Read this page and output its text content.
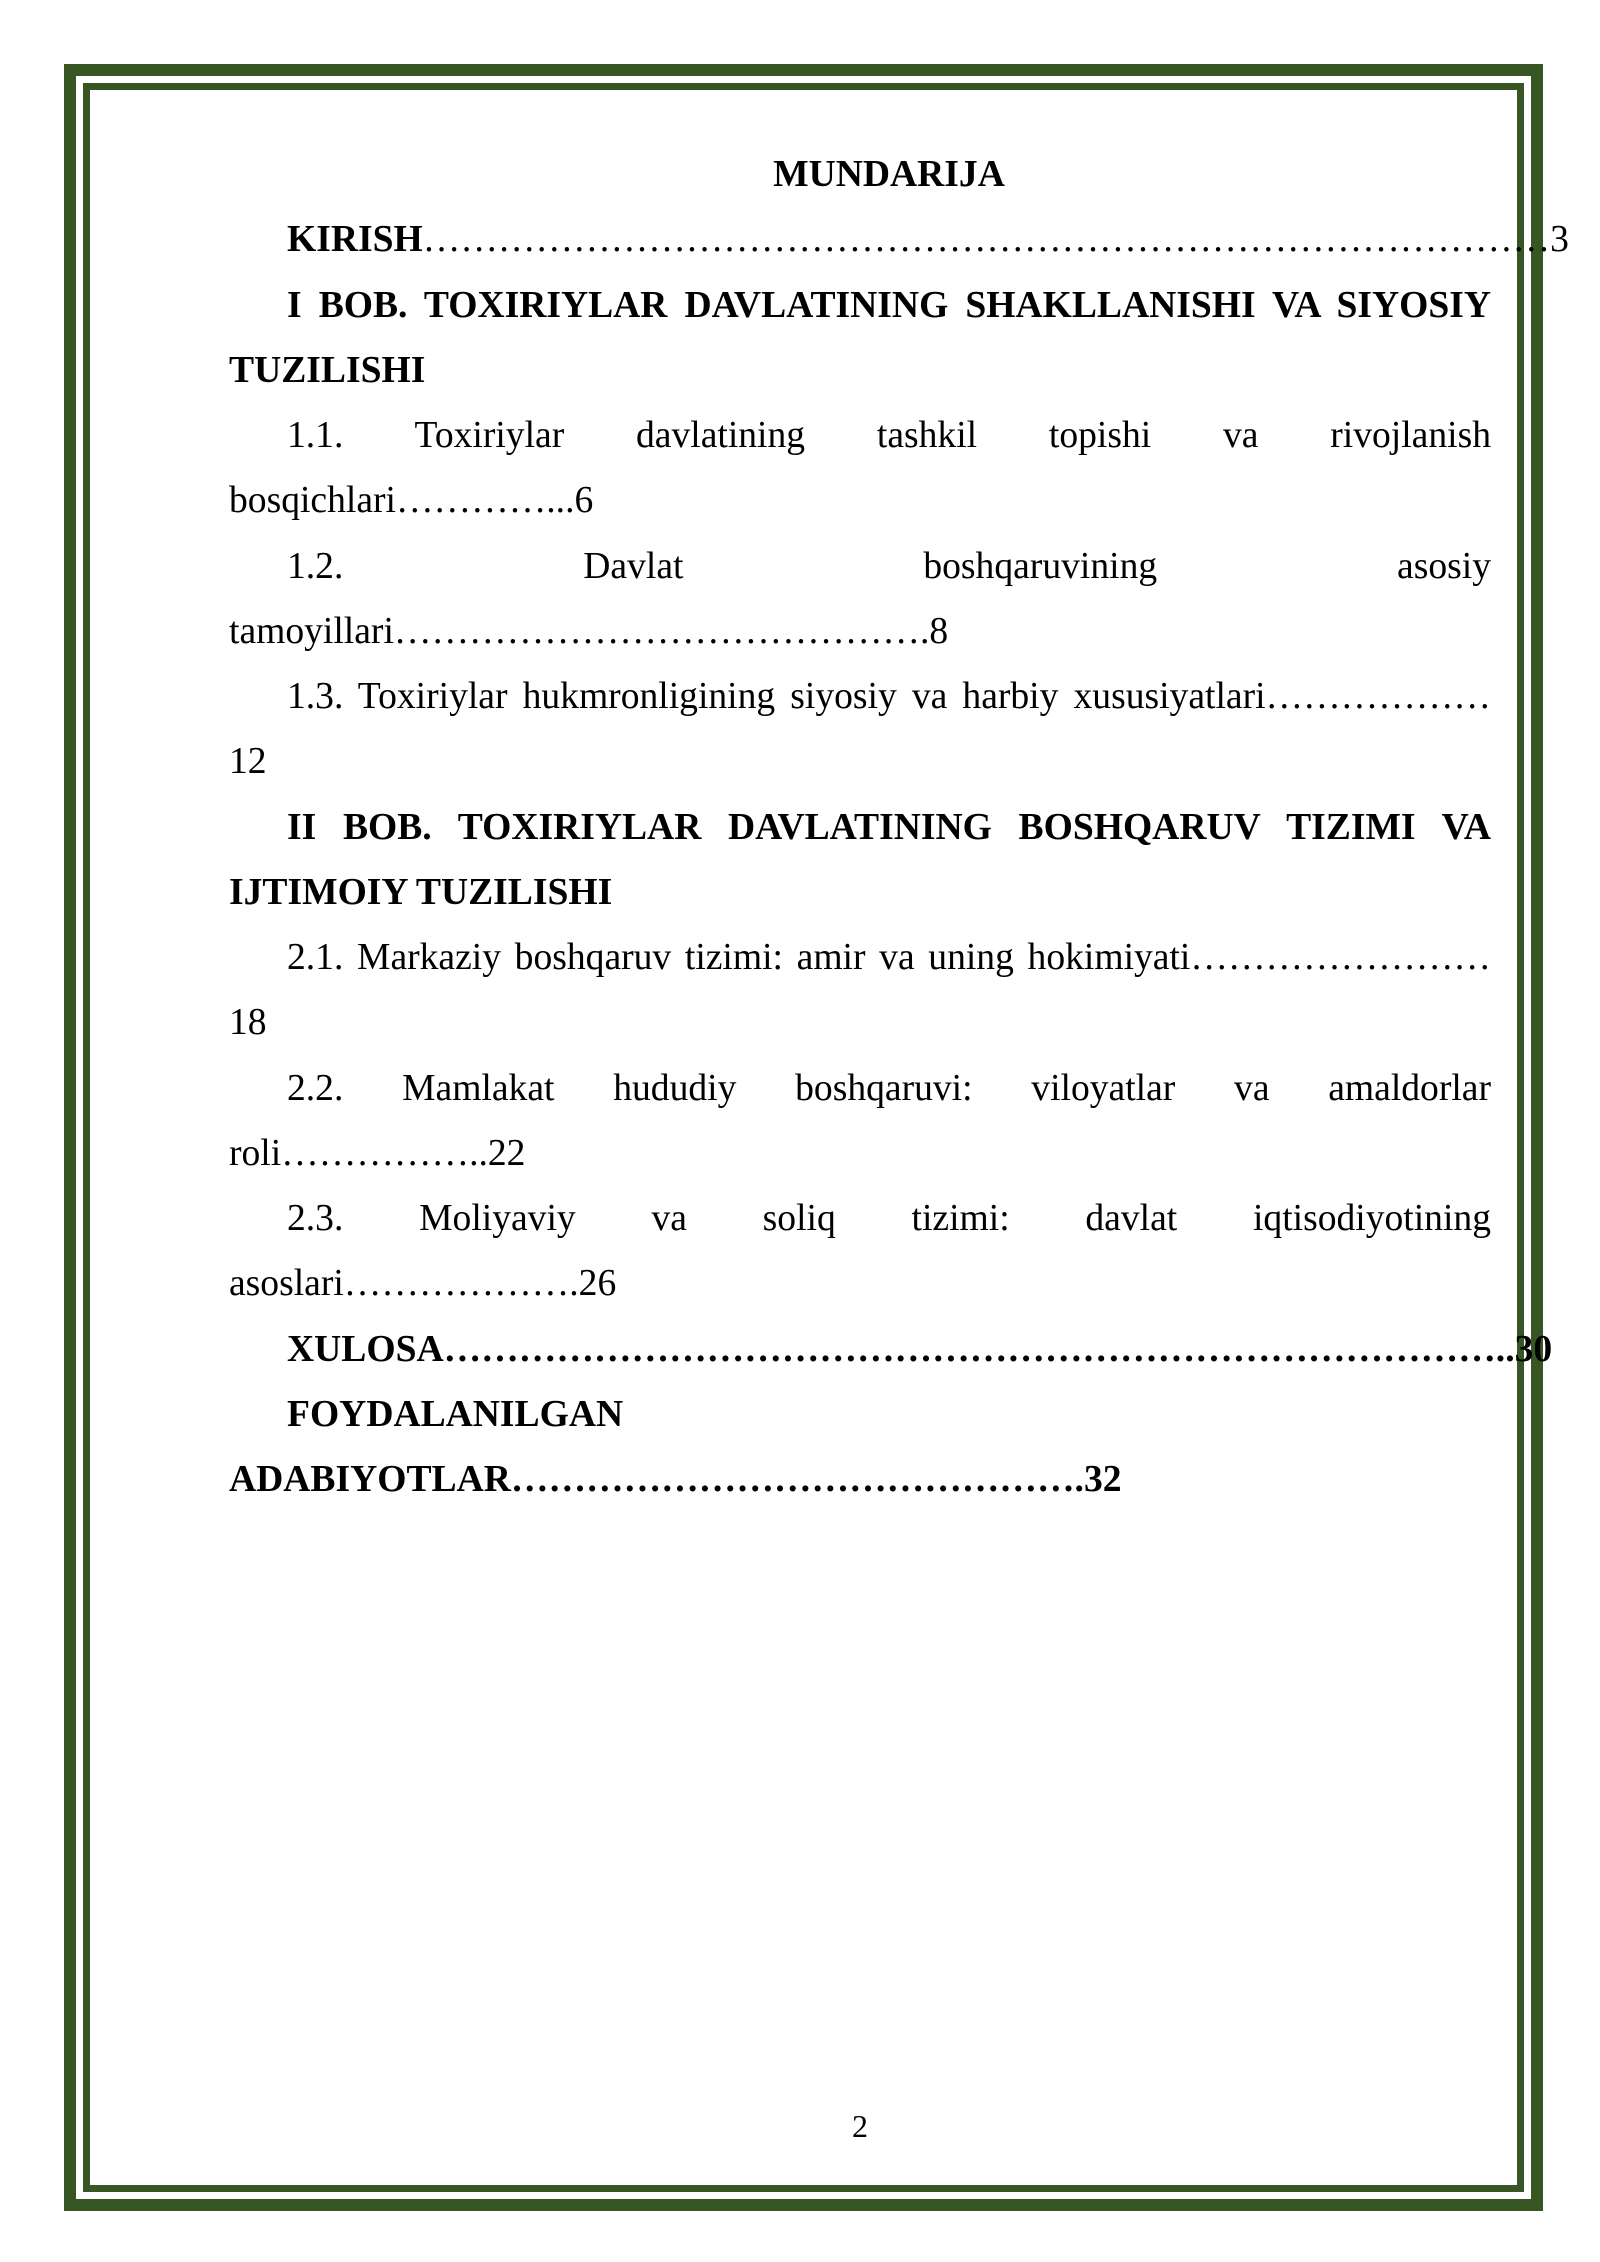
MUNDARIJA
KIRISH………………………………………………………………………………3
I BOB. TOXIRIYLAR DAVLATINING SHAKLLANISHI VA SIYOSIY
TUZILISHI
1.1. Toxiriylar davlatining tashkil topishi va rivojlanish
bosqichlari…………...6
1.2. Davlat boshqaruvining asosiy
tamoyillari…………………………………….8
1.3. Toxiriylar hukmronligining siyosiy va harbiy xususiyatlari………………
12
II BOB. TOXIRIYLAR DAVLATINING BOSHQARUV TIZIMI VA
IJTIMOIY TUZILISHI
2.1. Markaziy boshqaruv tizimi: amir va uning hokimiyati……………………
18
2.2. Mamlakat hududiy boshqaruvi: viloyatlar va amaldorlar
roli……………..22
2.3. Moliyaviy va soliq tizimi: davlat iqtisodiyotining
asoslari……………….26
XULOSA…………………………………………………………………………..30
FOYDALANILGAN
ADABIYOTLAR……………………………………….32
2
